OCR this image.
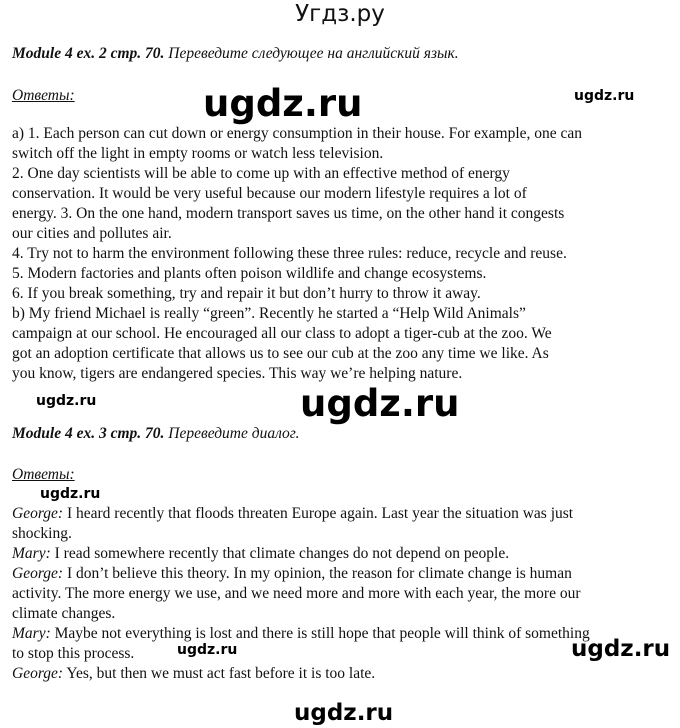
Угдз.ру
Module 4 ex. 2 стр. 70. Переведите следующее на английский язык.
Ответы:
a) 1. Each person can cut down or energy consumption in their house. For example, one can
switch off the light in empty rooms or watch less television.
2. One day scientists will be able to come up with an effective method of energy
conservation. It would be very useful because our modern lifestyle requires a lot of
energy. 3. On the one hand, modern transport saves us time, on the other hand it congests
our cities and pollutes air.
4. Try not to harm the environment following these three rules: reduce, recycle and reuse.
5. Modern factories and plants often poison wildlife and change ecosystems.
6. If you break something, try and repair it but don’t hurry to throw it away.
b) My friend Michael is really “green”. Recently he started a “Help Wild Animals”
campaign at our school. He encouraged all our class to adopt a tiger-cub at the zoo. We
got an adoption certificate that allows us to see our cub at the zoo any time we like. As
you know, tigers are endangered species. This way we’re helping nature.
Module 4 ex. 3 стр. 70. Переведите диалог.
Ответы:
George: I heard recently that floods threaten Europe again. Last year the situation was just
shocking.
Mary: I read somewhere recently that climate changes do not depend on people.
George: I don’t believe this theory. In my opinion, the reason for climate change is human
activity. The more energy we use, and we need more and more with each year, the more our
climate changes.
Mary: Maybe not everything is lost and there is still hope that people will think of something
to stop this process.
George: Yes, but then we must act fast before it is too late.
ugdz.ru	ugdz.ru
ugdz.ru	ugdz.ru
ugdz.ru
ugdz.ru	ugdz.ru
ugdz.ru
